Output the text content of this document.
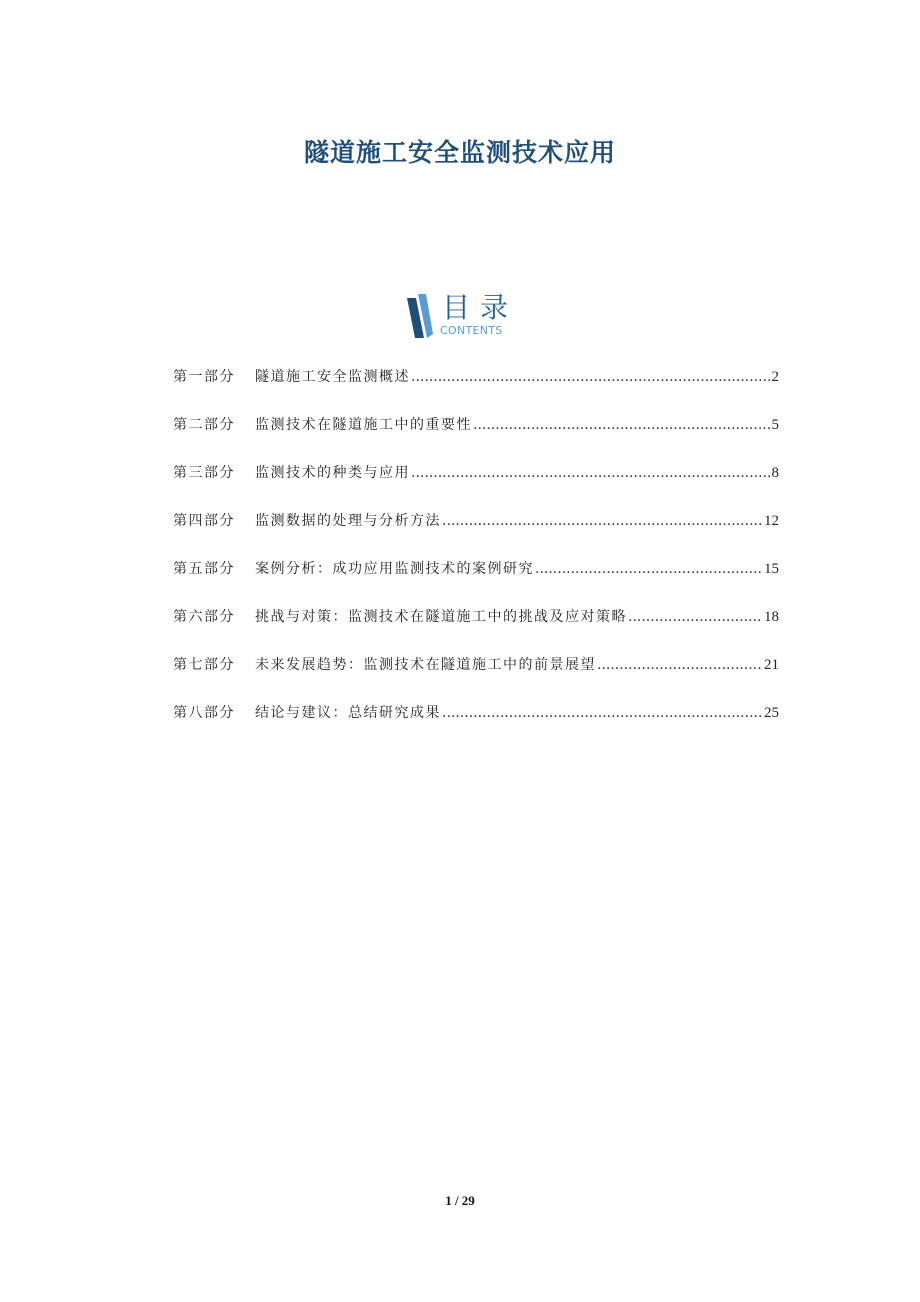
隧道施工安全监测技术应用
目录
CONTENTS
第一部分	隧道施工安全监测概述 .....	2
第二部分	监测技术在隧道施工中的重要性 .....	5
第三部分	监测技术的种类与应用 .....	8
第四部分	监测数据的处理与分析方法 .....	12
第五部分	案例分析：成功应用监测技术的案例研究 .....	15
第六部分	挑战与对策：监测技术在隧道施工中的挑战及应对策略 .....	18
第七部分	未来发展趋势：监测技术在隧道施工中的前景展望 .....	21
第八部分	结论与建议：总结研究成果 .....	25
1 / 29
